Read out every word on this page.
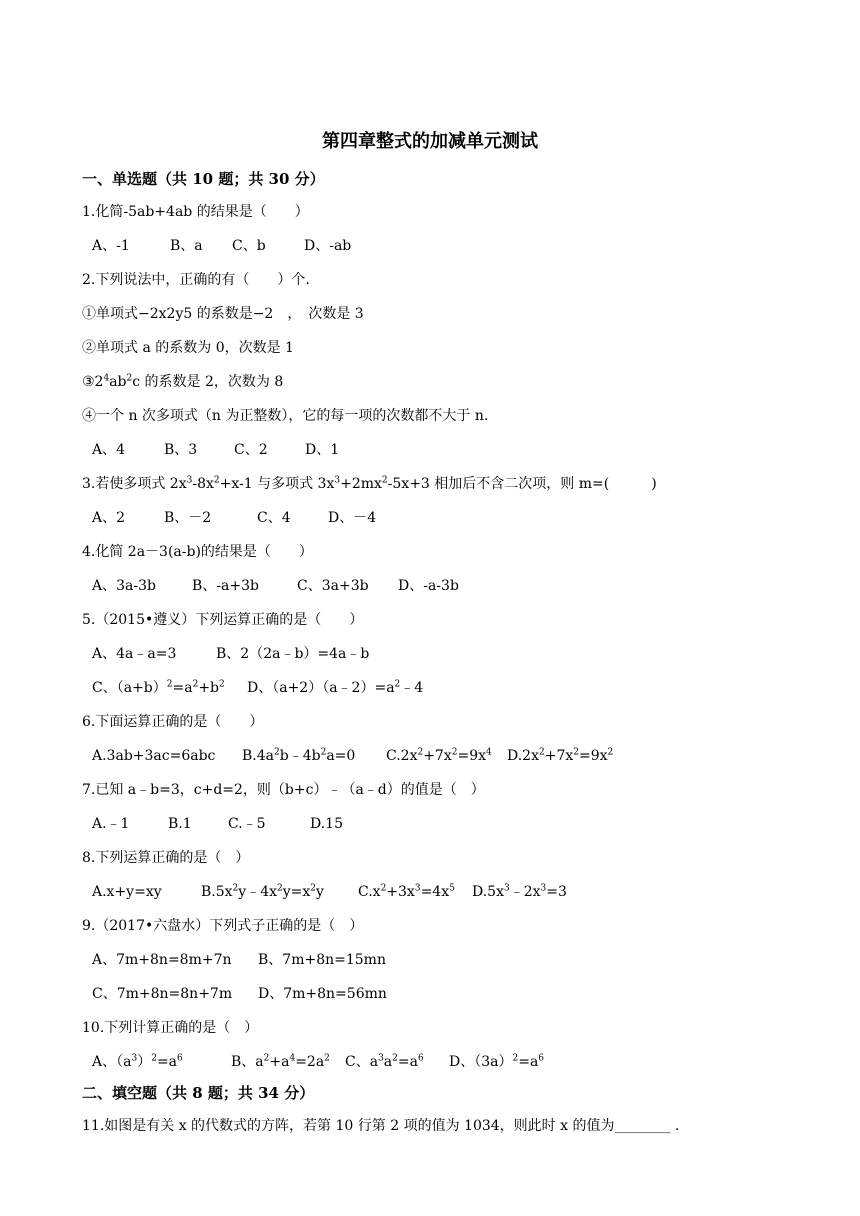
第四章整式的加减单元测试
一、单选题（共 10 题；共 30 分）
1.化简-5ab+4ab 的结果是（　　）
A、-1	B、a C、b	D、-ab
2.下列说法中，正确的有（　　）个.
①单项式−2x2y5 的系数是−2　，　次数是 3
②单项式 a 的系数为 0，次数是 1
$③2^4ab^2c$ 的系数是 2，次数为 8
④一个 n 次多项式（n 为正整数），它的每一项的次数都不大于 n.
A、4	B、3	C、2	D、1
3.若使多项式 $2x^3-8x^2+x-1$ 与多项式 $3x^3+2mx^2-5x+3$ 相加后不含二次项，则 m=(　　　)
A、2	B、－2	C、4	D、－4
4.化简 2a－3(a-b)的结果是（　　）
A、3a-3b	B、-a+3b	C、3a+3b D、-a-3b
5.（2015•遵义）下列运算正确的是（　　）
A、4a﹣a=3	B、2（2a﹣b）=4a﹣b
C、$(a+b)^2=a^2+b^2$ D、$(a+2)(a﹣2)=a^2﹣4$
6.下面运算正确的是（　　）
A.3ab+3ac=6abc $B.4a^2b﹣4b^2a=0$ $C.2x^2+7x^2=9x^4$ $D.2x^2+7x^2=9x^2$
7.已知 a﹣b=3，c+d=2，则（b+c）﹣（a﹣d）的值是（　）
A.﹣1	B.1	C.﹣5	D.15
8.下列运算正确的是（　）
A.x+y=xy	$B.5x^2y﹣4x^2y=x^2y$ $C.x^2+3x^3=4x^5$ $D.5x^3﹣2x^3=3$
9.（2017•六盘水）下列式子正确的是（　）
A、7m+8n=8m+7n B、7m+8n=15mn
C、7m+8n=8n+7m D、7m+8n=56mn
10.下列计算正确的是（　）
A、$(a^3)^2=a^6$	B、$a^2+a^4=2a^2$ C、$a^3a^2=a^6$ D、$(3a)^2=a^6$
二、填空题（共 8 题；共 34 分）
11.如图是有关 x 的代数式的方阵，若第 10 行第 2 项的值为 1034，则此时 x 的值为________ .
